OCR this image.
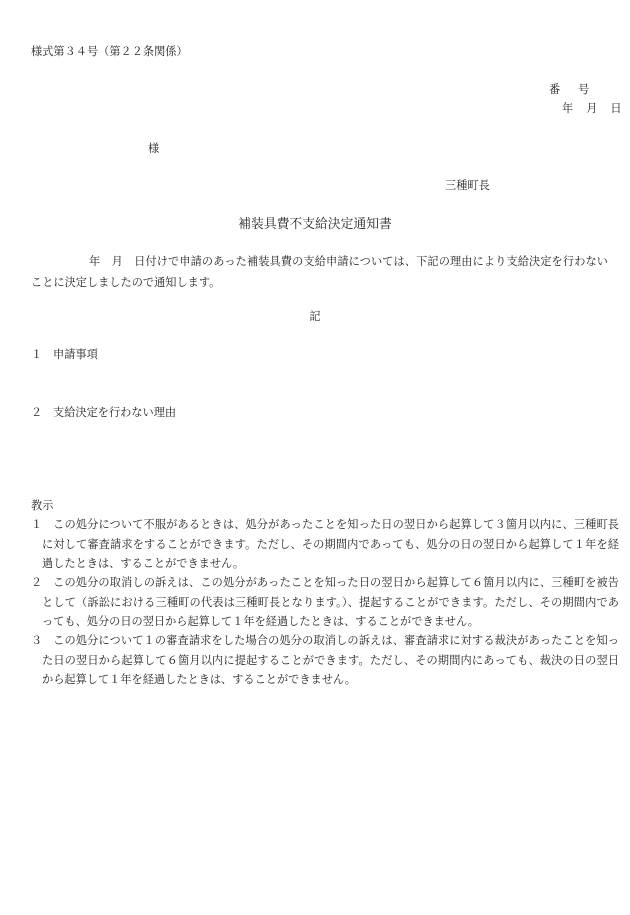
様式第３４号（第２２条関係）
番号
年 月 日
様
三種町長
補装具費不支給決定通知書
年　月　日付けで申請のあった補装具費の支給申請については、下記の理由により支給決定を行わないことに決定しましたので通知します。
記
１ 申請事項
２ 支給決定を行わない理由
教示
１ この処分について不服があるときは、処分があったことを知った日の翌日から起算して３箇月以内に、三種町長に対して審査請求をすることができます。ただし、その期間内であっても、処分の日の翌日から起算して１年を経過したときは、することができません。
２ この処分の取消しの訴えは、この処分があったことを知った日の翌日から起算して６箇月以内に、三種町を被告として（訴訟における三種町の代表は三種町長となります。）、提起することができます。ただし、その期間内であっても、処分の日の翌日から起算して１年を経過したときは、することができません。
３ この処分について１の審査請求をした場合の処分の取消しの訴えは、審査請求に対する裁決があったことを知った日の翌日から起算して６箇月以内に提起することができます。ただし、その期間内にあっても、裁決の日の翌日から起算して１年を経過したときは、することができません。
